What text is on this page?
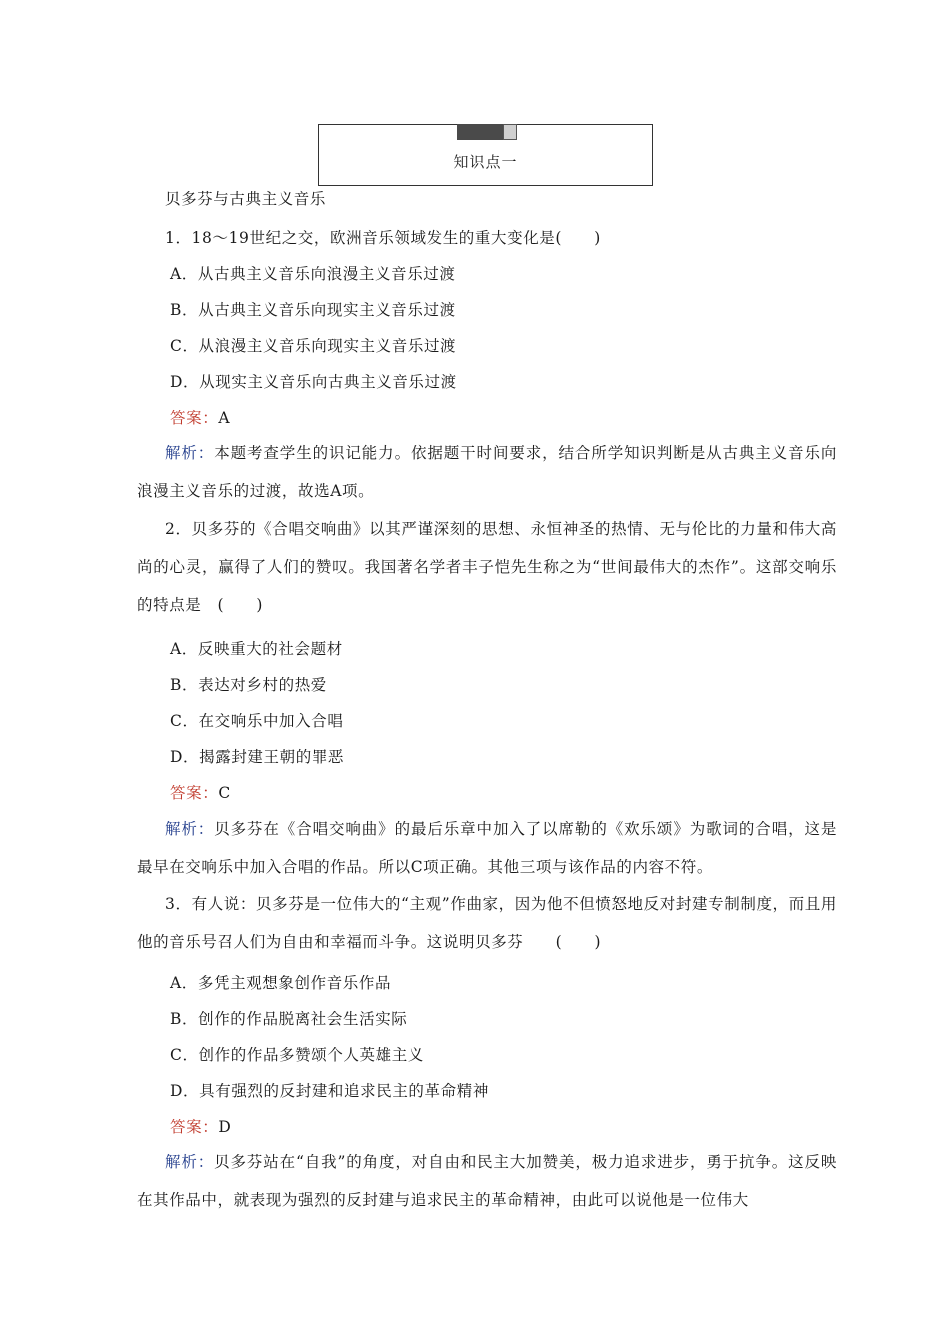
知识点一
贝多芬与古典主义音乐
1．18～19世纪之交，欧洲音乐领域发生的重大变化是(　　)
A．从古典主义音乐向浪漫主义音乐过渡
B．从古典主义音乐向现实主义音乐过渡
C．从浪漫主义音乐向现实主义音乐过渡
D．从现实主义音乐向古典主义音乐过渡
答案：A
解析：本题考查学生的识记能力。依据题干时间要求，结合所学知识判断是从古典主义音乐向浪漫主义音乐的过渡，故选A项。
2．贝多芬的《合唱交响曲》以其严谨深刻的思想、永恒神圣的热情、无与伦比的力量和伟大高尚的心灵，赢得了人们的赞叹。我国著名学者丰子恺先生称之为“世间最伟大的杰作”。这部交响乐的特点是　(　　)
A．反映重大的社会题材
B．表达对乡村的热爱
C．在交响乐中加入合唱
D．揭露封建王朝的罪恶
答案：C
解析：贝多芬在《合唱交响曲》的最后乐章中加入了以席勒的《欢乐颂》为歌词的合唱，这是最早在交响乐中加入合唱的作品。所以C项正确。其他三项与该作品的内容不符。
3．有人说：贝多芬是一位伟大的“主观”作曲家，因为他不但愤怒地反对封建专制制度，而且用他的音乐号召人们为自由和幸福而斗争。这说明贝多芬　　(　　)
A．多凭主观想象创作音乐作品
B．创作的作品脱离社会生活实际
C．创作的作品多赞颂个人英雄主义
D．具有强烈的反封建和追求民主的革命精神
答案：D
解析：贝多芬站在“自我”的角度，对自由和民主大加赞美，极力追求进步，勇于抗争。这反映在其作品中，就表现为强烈的反封建与追求民主的革命精神，由此可以说他是一位伟大
